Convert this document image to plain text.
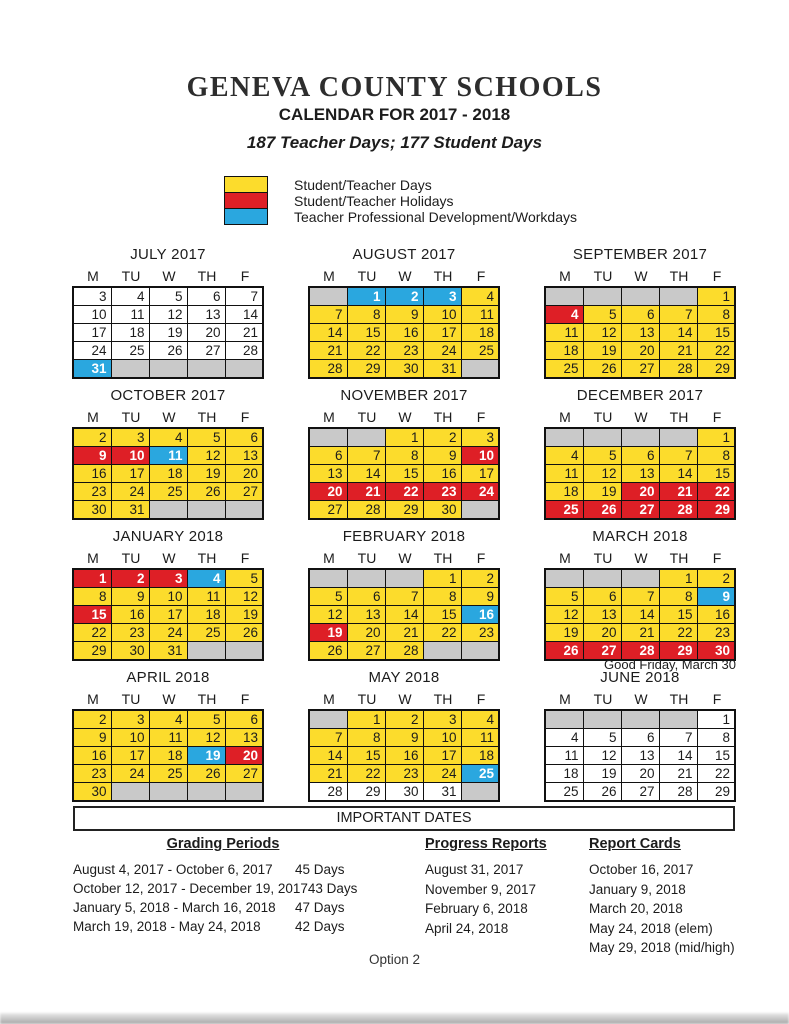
GENEVA COUNTY SCHOOLS
CALENDAR FOR 2017 - 2018
187 Teacher Days; 177 Student Days
Student/Teacher Days
Student/Teacher Holidays
Teacher Professional Development/Workdays
JULY 2017
M	TU	W	TH	F
3	4	5	6	7
10	11	12	13	14
17	18	19	20	21
24	25	26	27	28
31				
AUGUST 2017
M	TU	W	TH	F
	1	2	3	4
7	8	9	10	11
14	15	16	17	18
21	22	23	24	25
28	29	30	31	
SEPTEMBER 2017
M	TU	W	TH	F
				1
4	5	6	7	8
11	12	13	14	15
18	19	20	21	22
25	26	27	28	29
OCTOBER 2017
M	TU	W	TH	F
2	3	4	5	6
9	10	11	12	13
16	17	18	19	20
23	24	25	26	27
30	31			
NOVEMBER 2017
M	TU	W	TH	F
		1	2	3
6	7	8	9	10
13	14	15	16	17
20	21	22	23	24
27	28	29	30	
DECEMBER 2017
M	TU	W	TH	F
				1
4	5	6	7	8
11	12	13	14	15
18	19	20	21	22
25	26	27	28	29
JANUARY 2018
M	TU	W	TH	F
1	2	3	4	5
8	9	10	11	12
15	16	17	18	19
22	23	24	25	26
29	30	31		
FEBRUARY 2018
M	TU	W	TH	F
			1	2
5	6	7	8	9
12	13	14	15	16
19	20	21	22	23
26	27	28		
MARCH 2018
M	TU	W	TH	F
			1	2
5	6	7	8	9
12	13	14	15	16
19	20	21	22	23
26	27	28	29	30
Good Friday, March 30
APRIL 2018
M	TU	W	TH	F
2	3	4	5	6
9	10	11	12	13
16	17	18	19	20
23	24	25	26	27
30				
MAY 2018
M	TU	W	TH	F
	1	2	3	4
7	8	9	10	11
14	15	16	17	18
21	22	23	24	25
28	29	30	31	
JUNE 2018
M	TU	W	TH	F
				1
4	5	6	7	8
11	12	13	14	15
18	19	20	21	22
25	26	27	28	29
IMPORTANT DATES
Grading Periods
August 4, 2017 - October 6, 2017	45 Days
October 12, 2017 - December 19, 2017 43 Days
January 5, 2018 - March 16, 2018	47 Days
March 19, 2018 - May 24, 2018	42 Days
Progress Reports
August 31, 2017
November 9, 2017
February 6, 2018
April 24, 2018
Report Cards
October 16, 2017
January 9, 2018
March 20, 2018
May 24, 2018 (elem)
May 29, 2018 (mid/high)
Option 2
